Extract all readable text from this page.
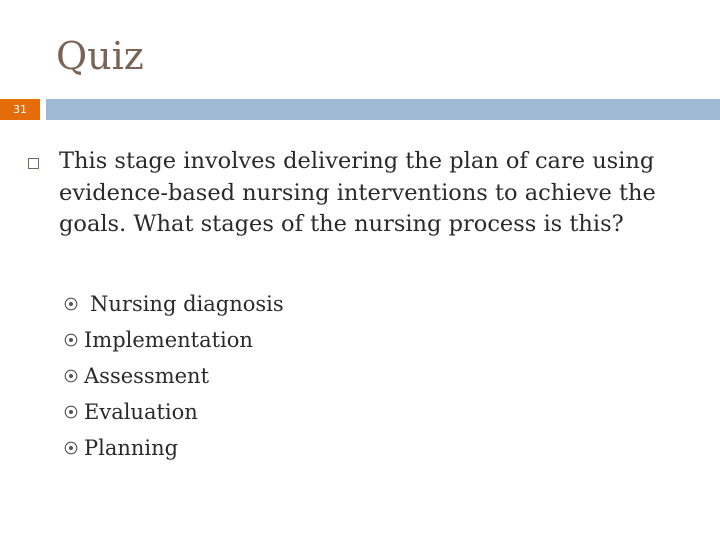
Quiz
31

This stage involves delivering the plan of care using evidence-based nursing interventions to achieve the goals. What stages of the nursing process is this?

Nursing diagnosis
Implementation
Assessment
Evaluation
Planning
